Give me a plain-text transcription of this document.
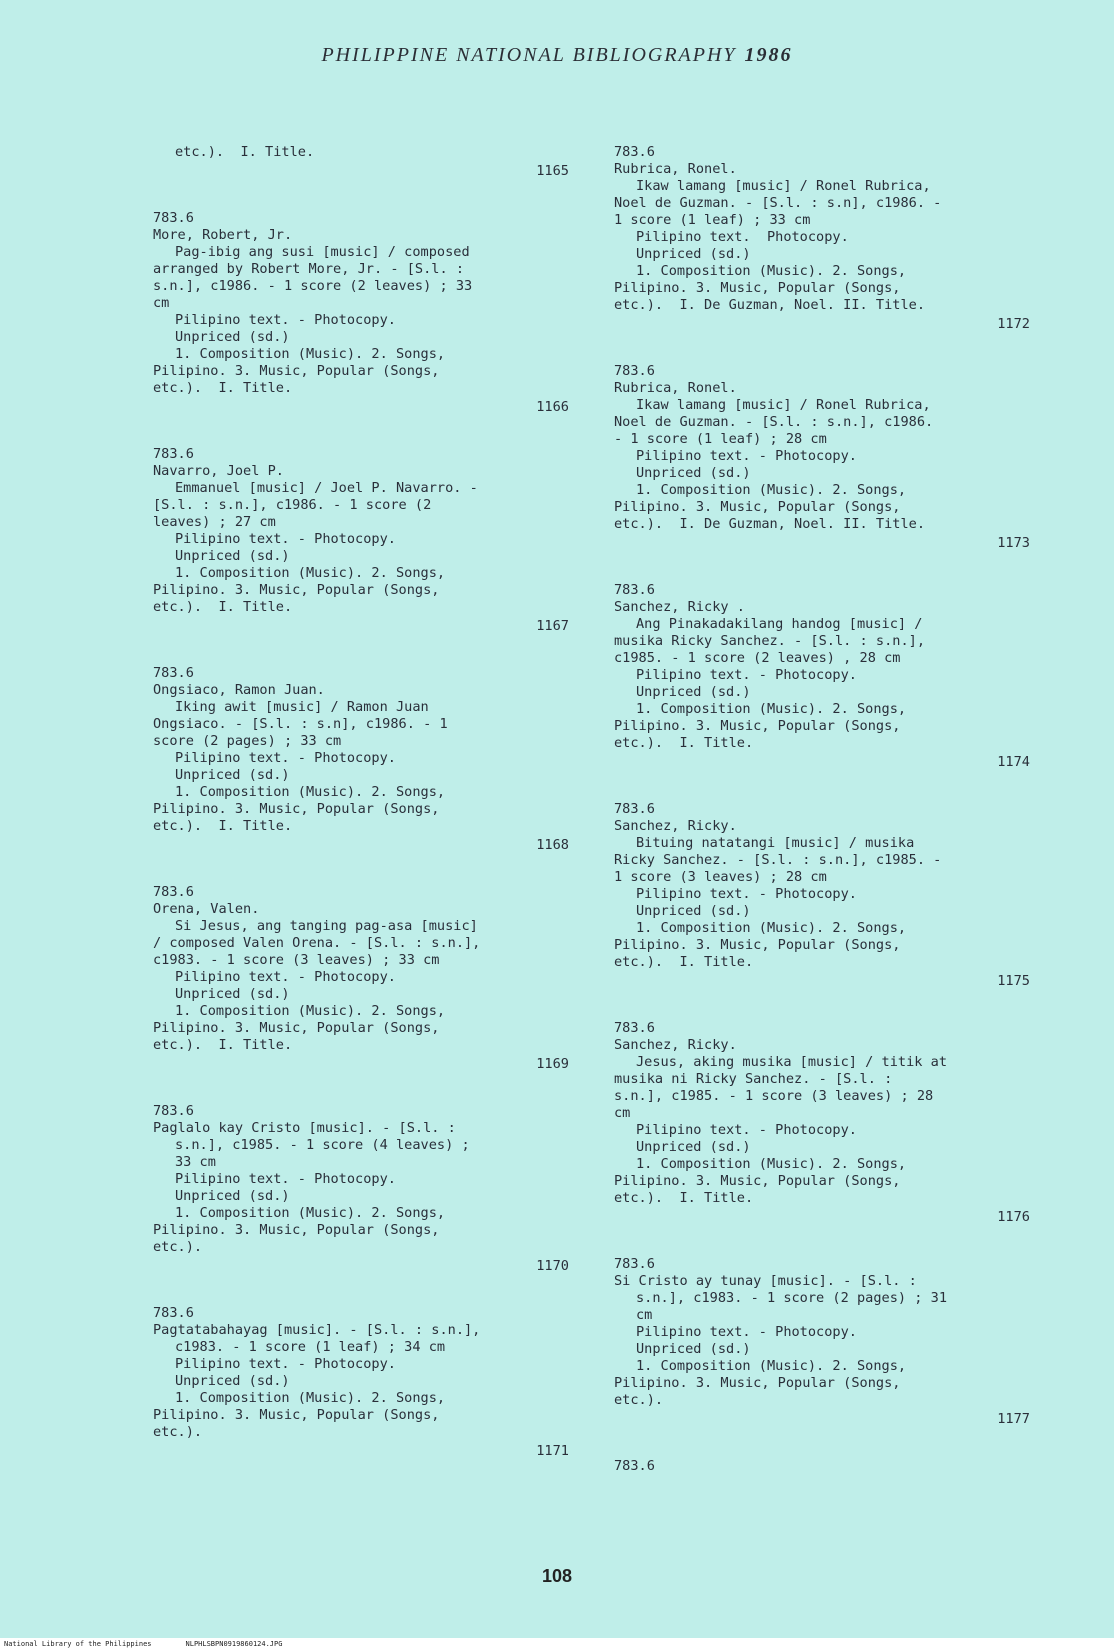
PHILIPPINE NATIONAL BIBLIOGRAPHY 1986
etc.).  I. Title.
1165
783.6
More, Robert, Jr.
Pag-ibig ang susi [music] / composed
arranged by Robert More, Jr. - [S.l. :
s.n.], c1986. - 1 score (2 leaves) ; 33
cm
Pilipino text. - Photocopy.
Unpriced (sd.)
1. Composition (Music). 2. Songs,
Pilipino. 3. Music, Popular (Songs,
etc.).  I. Title.
1166
783.6
Navarro, Joel P.
Emmanuel [music] / Joel P. Navarro. -
[S.l. : s.n.], c1986. - 1 score (2
leaves) ; 27 cm
Pilipino text. - Photocopy.
Unpriced (sd.)
1. Composition (Music). 2. Songs,
Pilipino. 3. Music, Popular (Songs,
etc.).  I. Title.
1167
783.6
Ongsiaco, Ramon Juan.
Iking awit [music] / Ramon Juan
Ongsiaco. - [S.l. : s.n], c1986. - 1
score (2 pages) ; 33 cm
Pilipino text. - Photocopy.
Unpriced (sd.)
1. Composition (Music). 2. Songs,
Pilipino. 3. Music, Popular (Songs,
etc.).  I. Title.
1168
783.6
Orena, Valen.
Si Jesus, ang tanging pag-asa [music]
/ composed Valen Orena. - [S.l. : s.n.],
c1983. - 1 score (3 leaves) ; 33 cm
Pilipino text. - Photocopy.
Unpriced (sd.)
1. Composition (Music). 2. Songs,
Pilipino. 3. Music, Popular (Songs,
etc.).  I. Title.
1169
783.6
Paglalo kay Cristo [music]. - [S.l. :
s.n.], c1985. - 1 score (4 leaves) ;
33 cm
Pilipino text. - Photocopy.
Unpriced (sd.)
1. Composition (Music). 2. Songs,
Pilipino. 3. Music, Popular (Songs,
etc.).
1170
783.6
Pagtatabahayag [music]. - [S.l. : s.n.],
c1983. - 1 score (1 leaf) ; 34 cm
Pilipino text. - Photocopy.
Unpriced (sd.)
1. Composition (Music). 2. Songs,
Pilipino. 3. Music, Popular (Songs,
etc.).
1171
783.6
Rubrica, Ronel.
Ikaw lamang [music] / Ronel Rubrica,
Noel de Guzman. - [S.l. : s.n], c1986. -
1 score (1 leaf) ; 33 cm
Pilipino text.  Photocopy.
Unpriced (sd.)
1. Composition (Music). 2. Songs,
Pilipino. 3. Music, Popular (Songs,
etc.).  I. De Guzman, Noel. II. Title.
1172
783.6
Rubrica, Ronel.
Ikaw lamang [music] / Ronel Rubrica,
Noel de Guzman. - [S.l. : s.n.], c1986.
- 1 score (1 leaf) ; 28 cm
Pilipino text. - Photocopy.
Unpriced (sd.)
1. Composition (Music). 2. Songs,
Pilipino. 3. Music, Popular (Songs,
etc.).  I. De Guzman, Noel. II. Title.
1173
783.6
Sanchez, Ricky .
Ang Pinakadakilang handog [music] /
musika Ricky Sanchez. - [S.l. : s.n.],
c1985. - 1 score (2 leaves) , 28 cm
Pilipino text. - Photocopy.
Unpriced (sd.)
1. Composition (Music). 2. Songs,
Pilipino. 3. Music, Popular (Songs,
etc.).  I. Title.
1174
783.6
Sanchez, Ricky.
Bituing natatangi [music] / musika
Ricky Sanchez. - [S.l. : s.n.], c1985. -
1 score (3 leaves) ; 28 cm
Pilipino text. - Photocopy.
Unpriced (sd.)
1. Composition (Music). 2. Songs,
Pilipino. 3. Music, Popular (Songs,
etc.).  I. Title.
1175
783.6
Sanchez, Ricky.
Jesus, aking musika [music] / titik at
musika ni Ricky Sanchez. - [S.l. :
s.n.], c1985. - 1 score (3 leaves) ; 28
cm
Pilipino text. - Photocopy.
Unpriced (sd.)
1. Composition (Music). 2. Songs,
Pilipino. 3. Music, Popular (Songs,
etc.).  I. Title.
1176
783.6
Si Cristo ay tunay [music]. - [S.l. :
s.n.], c1983. - 1 score (2 pages) ; 31
cm
Pilipino text. - Photocopy.
Unpriced (sd.)
1. Composition (Music). 2. Songs,
Pilipino. 3. Music, Popular (Songs,
etc.).
1177
783.6
108
National Library of the Philippines	NLPHLSBPN0919860124.JPG
